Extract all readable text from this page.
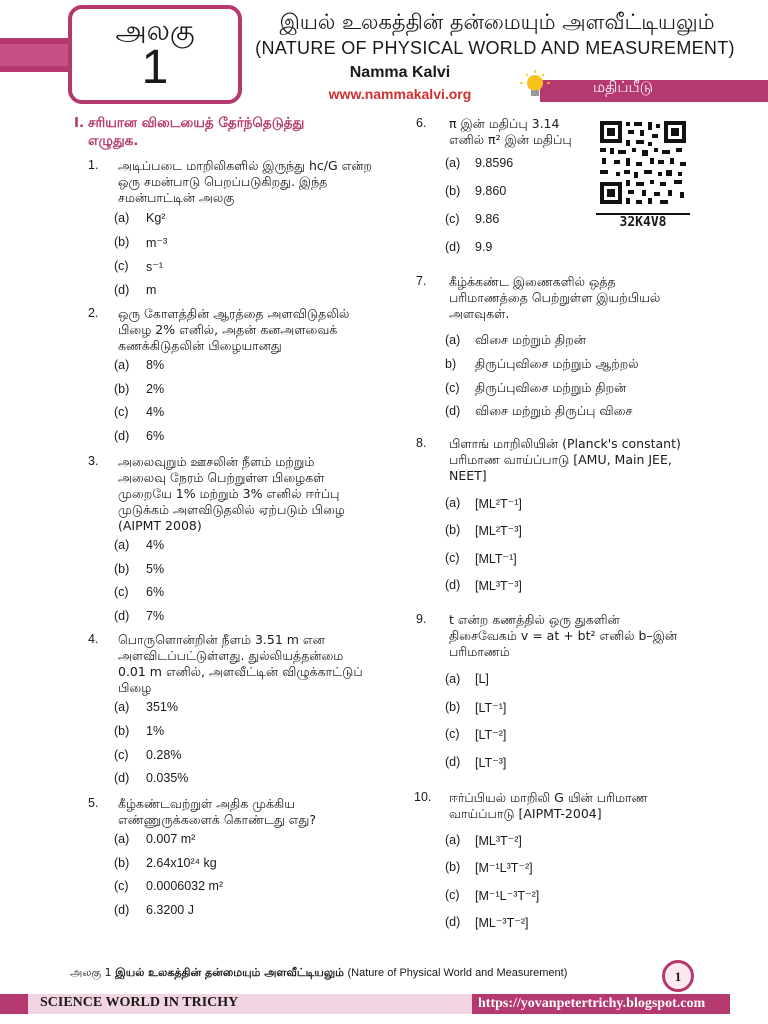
அலகு
1
இயல் உலகத்தின் தன்மையும் அளவீட்டியலும்
(NATURE OF PHYSICAL WORLD AND MEASUREMENT)
Namma Kalvi
www.nammakalvi.org	மதிப்பீடு
I. சரியான விடையைத் தேர்ந்தெடுத்து
எழுதுக.
1. அடிப்படை மாறிலிகளில் இருந்து hc/G என்ற
ஒரு சமன்பாடு பெறப்படுகிறது. இந்த
சமன்பாட்டின் அலகு
(a) Kg²
(b) m⁻³
(c) s⁻¹
(d) m
2. ஒரு கோளத்தின் ஆரத்தை அளவிடுதலில்
பிழை 2% எனில், அதன் கனஅளவைக்
கணக்கிடுதலின் பிழையானது
(a) 8%
(b) 2%
(c) 4%
(d) 6%
3. அலைவுறும் ஊசலின் நீளம் மற்றும்
அலைவு நேரம் பெற்றுள்ள பிழைகள்
முறையே 1% மற்றும் 3% எனில் ஈர்ப்பு
முடுக்கம் அளவிடுதலில் ஏற்படும் பிழை
(AIPMT 2008)
(a) 4%
(b) 5%
(c) 6%
(d) 7%
4. பொருளொன்றின் நீளம் 3.51 m என
அளவிடப்பட்டுள்ளது. துல்லியத்தன்மை
0.01 m எனில், அளவீட்டின் விழுக்காட்டுப்
பிழை
(a) 351%
(b) 1%
(c) 0.28%
(d) 0.035%
5. கீழ்கண்டவற்றுள் அதிக முக்கிய
எண்ணுருக்களைக் கொண்டது எது?
(a) 0.007 m²
(b) 2.64x10²⁴ kg
(c) 0.0006032 m²
(d) 6.3200 J
6. π இன் மதிப்பு 3.14
எனில் π² இன் மதிப்பு
(a) 9.8596
(b) 9.860
(c) 9.86
(d) 9.9
32K4V8
7. கீழ்க்கண்ட இணைகளில் ஒத்த
பரிமாணத்தை பெற்றுள்ள இயற்பியல்
அளவுகள்.
(a) விசை மற்றும் திறன்
b) திருப்புவிசை மற்றும் ஆற்றல்
(c) திருப்புவிசை மற்றும் திறன்
(d) விசை மற்றும் திருப்பு விசை
8. பிளாங் மாறிலியின் (Planck's constant)
பரிமாண வாய்ப்பாடு [AMU, Main JEE,
NEET]
(a) [ML²T⁻¹]
(b) [ML²T⁻³]
(c) [MLT⁻¹]
(d) [ML³T⁻³]
9. t என்ற கணத்தில் ஒரு துகளின்
திசைவேகம் v = at + bt² எனில் b–இன்
பரிமாணம்
(a) [L]
(b) [LT⁻¹]
(c) [LT⁻²]
(d) [LT⁻³]
10. ஈர்ப்பியல் மாறிலி G யின் பரிமாண
வாய்ப்பாடு [AIPMT-2004]
(a) [ML³T⁻²]
(b) [M⁻¹L³T⁻²]
(c) [M⁻¹L⁻³T⁻²]
(d) [ML⁻³T⁻²]
அலகு 1 இயல் உலகத்தின் தன்மையும் அளவீட்டியலும் (Nature of Physical World and Measurement)	1
SCIENCE WORLD IN TRICHY	https://yovanpetertrichy.blogspot.com
